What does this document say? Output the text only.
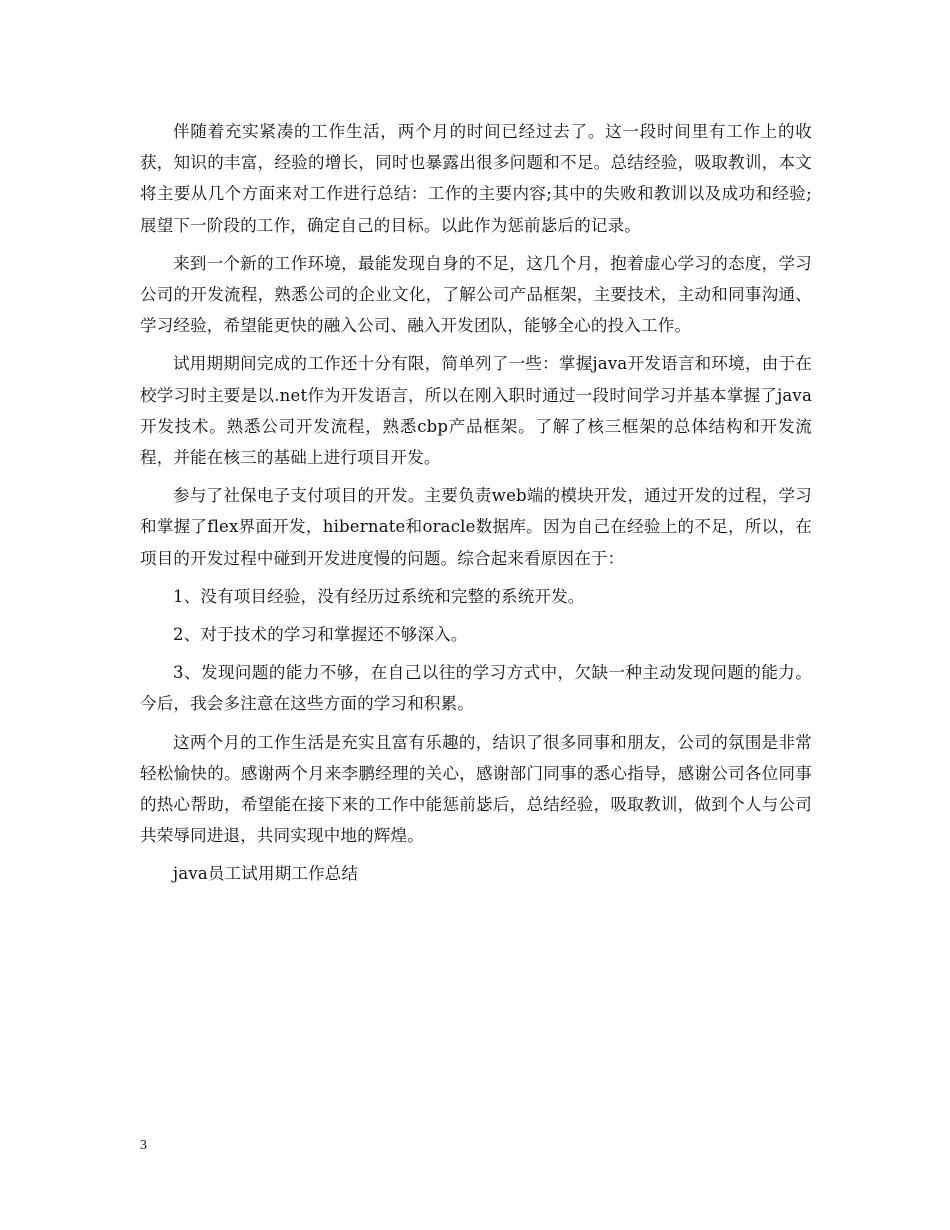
伴随着充实紧凑的工作生活，两个月的时间已经过去了。这一段时间里有工作上的收获，知识的丰富，经验的增长，同时也暴露出很多问题和不足。总结经验，吸取教训，本文将主要从几个方面来对工作进行总结：工作的主要内容;其中的失败和教训以及成功和经验;展望下一阶段的工作，确定自己的目标。以此作为惩前毖后的记录。

来到一个新的工作环境，最能发现自身的不足，这几个月，抱着虚心学习的态度，学习公司的开发流程，熟悉公司的企业文化，了解公司产品框架，主要技术，主动和同事沟通、学习经验，希望能更快的融入公司、融入开发团队，能够全心的投入工作。

试用期期间完成的工作还十分有限，简单列了一些：掌握java开发语言和环境，由于在校学习时主要是以.net作为开发语言，所以在刚入职时通过一段时间学习并基本掌握了java开发技术。熟悉公司开发流程，熟悉cbp产品框架。了解了核三框架的总体结构和开发流程，并能在核三的基础上进行项目开发。

参与了社保电子支付项目的开发。主要负责web端的模块开发，通过开发的过程，学习和掌握了flex界面开发，hibernate和oracle数据库。因为自己在经验上的不足，所以，在项目的开发过程中碰到开发进度慢的问题。综合起来看原因在于：

1、没有项目经验，没有经历过系统和完整的系统开发。

2、对于技术的学习和掌握还不够深入。

3、发现问题的能力不够，在自己以往的学习方式中，欠缺一种主动发现问题的能力。今后，我会多注意在这些方面的学习和积累。

这两个月的工作生活是充实且富有乐趣的，结识了很多同事和朋友，公司的氛围是非常轻松愉快的。感谢两个月来李鹏经理的关心，感谢部门同事的悉心指导，感谢公司各位同事的热心帮助，希望能在接下来的工作中能惩前毖后，总结经验，吸取教训，做到个人与公司共荣辱同进退，共同实现中地的辉煌。

java员工试用期工作总结

3
